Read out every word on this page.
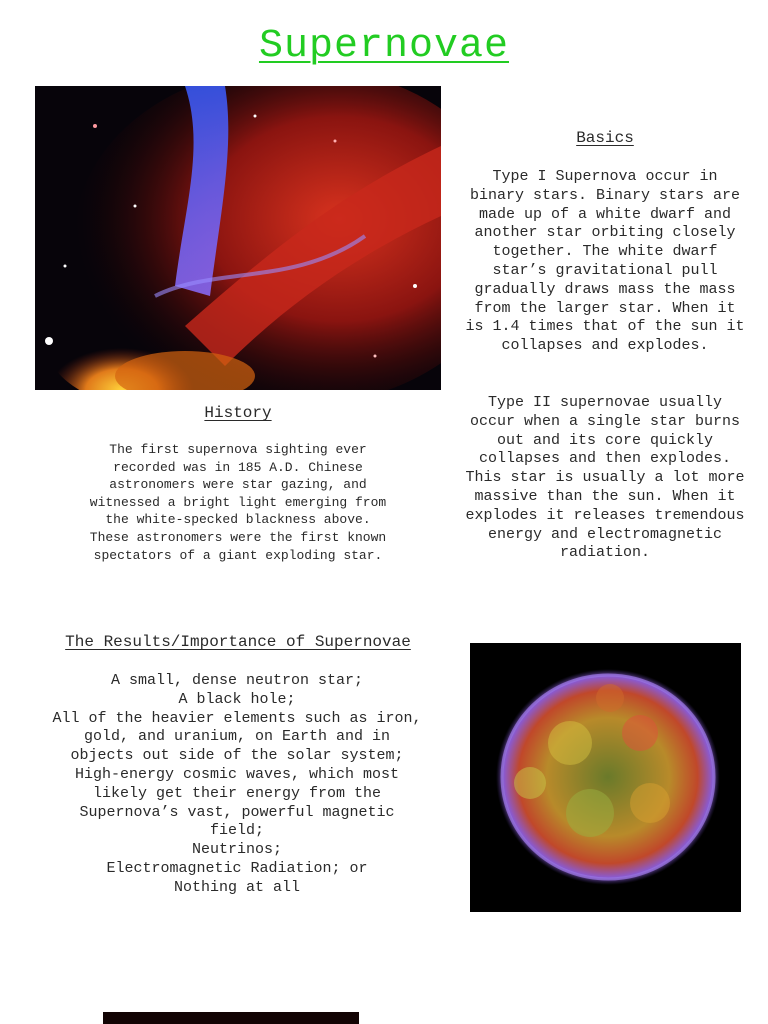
Supernovae
Basics
Type I Supernova occur in binary stars. Binary stars are made up of a white dwarf and another star orbiting closely together. The white dwarf star’s gravitational pull gradually draws mass the mass from the larger star. When it is 1.4 times that of the sun it collapses and explodes.
Type II supernovae usually occur when a single star burns out and its core quickly collapses and then explodes. This star is usually a lot more massive than the sun. When it explodes it releases tremendous energy and electromagnetic radiation.
History
The first supernova sighting ever recorded was in 185 A.D. Chinese astronomers were star gazing, and witnessed a bright light emerging from the white-specked blackness above. These astronomers were the first known spectators of a giant exploding star.
The Results/Importance of Supernovae
A small, dense neutron star;
A black hole;
All of the heavier elements such as iron, gold, and uranium, on Earth and in objects out side of the solar system;
High-energy cosmic waves, which most likely get their energy from the Supernova’s vast, powerful magnetic field;
Neutrinos;
Electromagnetic Radiation; or
Nothing at all
